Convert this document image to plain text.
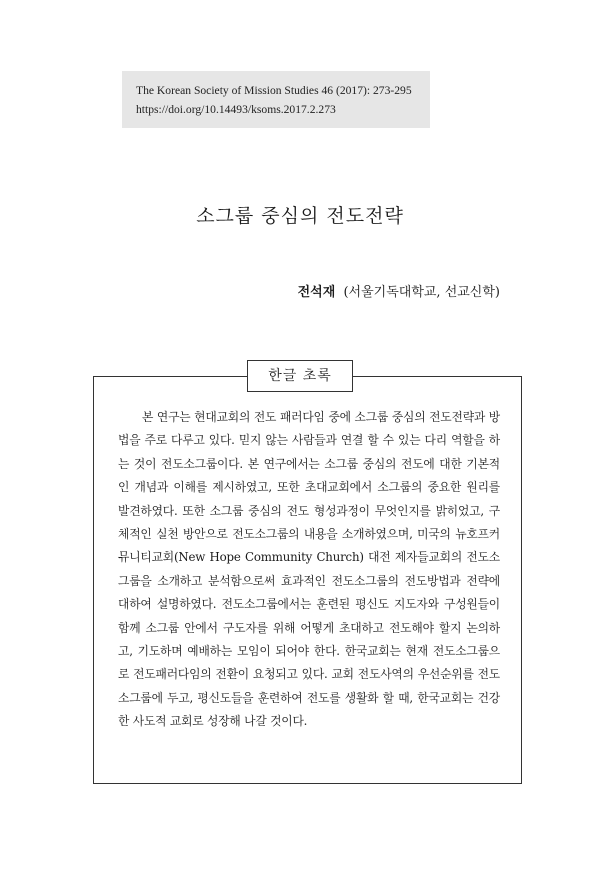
The Korean Society of Mission Studies 46 (2017): 273-295
https://doi.org/10.14493/ksoms.2017.2.273
소그룹 중심의 전도전략
전석재 (서울기독대학교, 선교신학)
한글 초록

본 연구는 현대교회의 전도 패러다임 중에 소그룹 중심의 전도전략과 방법을 주로 다루고 있다. 믿지 않는 사람들과 연결 할 수 있는 다리 역할을 하는 것이 전도소그룹이다. 본 연구에서는 소그룹 중심의 전도에 대한 기본적인 개념과 이해를 제시하였고, 또한 초대교회에서 소그룹의 중요한 원리를 발견하였다. 또한 소그룹 중심의 전도 형성과정이 무엇인지를 밝히었고, 구체적인 실천 방안으로 전도소그룹의 내용을 소개하였으며, 미국의 뉴호프커뮤니티교회(New Hope Community Church) 대전 제자들교회의 전도소그룹을 소개하고 분석함으로써 효과적인 전도소그룹의 전도방법과 전략에 대하여 설명하였다. 전도소그룹에서는 훈련된 평신도 지도자와 구성원들이 함께 소그룹 안에서 구도자를 위해 어떻게 초대하고 전도해야 할지 논의하고, 기도하며 예배하는 모임이 되어야 한다. 한국교회는 현재 전도소그룹으로 전도패러다임의 전환이 요청되고 있다. 교회 전도사역의 우선순위를 전도 소그룹에 두고, 평신도들을 훈련하여 전도를 생활화 할 때, 한국교회는 건강한 사도적 교회로 성장해 나갈 것이다.
